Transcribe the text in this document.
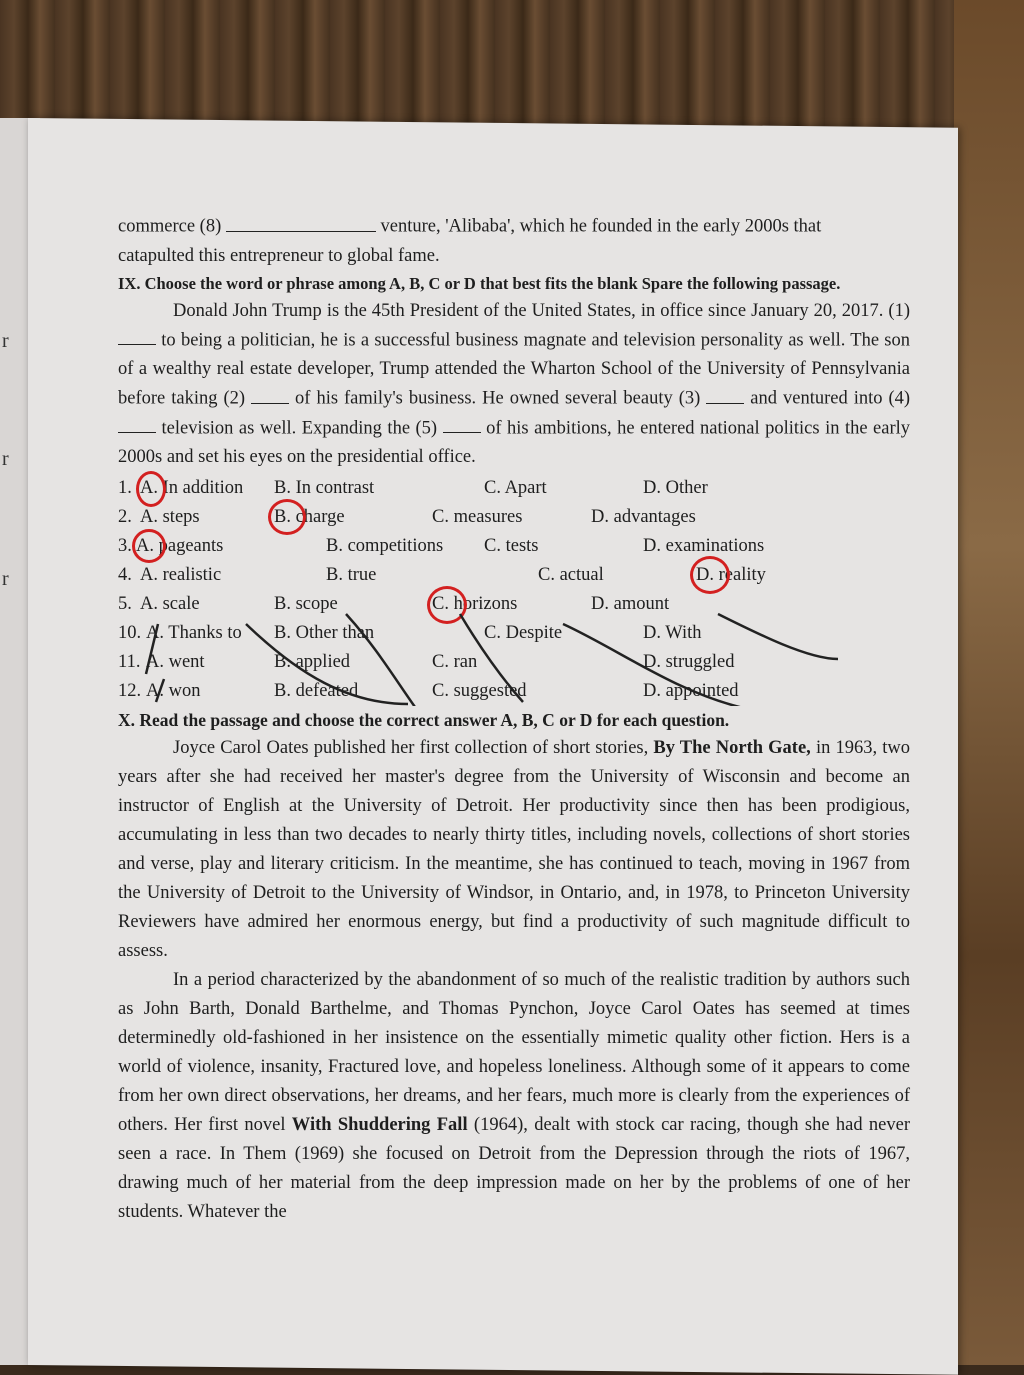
r
r
r

commerce (8)	venture, 'Alibaba', which he founded in the early 2000s that

catapulted this entrepreneur to global fame.

IX. Choose the word or phrase among A, B, C or D that best fits the blank Spare the following passage.

Donald John Trump is the 45th President of the United States, in office since January 20, 2017. (1)  to being a politician, he is a successful business magnate and television personality as well. The son of a wealthy real estate developer, Trump attended the Wharton School of the University of Pennsylvania before taking (2)	of his family's business. He owned several beauty (3)	and ventured into (4)  television as well. Expanding the (5)	of his ambitions, he entered national politics in the early 2000s and set his eyes on the presidential office.

1. A. In addition B. In contrast	C. Apart	D. Other
2. A. steps	B. charge	C. measures	D. advantages
3. A. pageants	B. competitions C. tests	D. examinations
4. A. realistic	B. true	C. actual	D. reality
5. A. scale	B. scope	C. horizons	D. amount
10. A. Thanks to B. Other than	C. Despite	D. With
11. A. went	B. applied	C. ran	D. struggled
12. A. won	B. defeated	C. suggested	D. appointed

X. Read the passage and choose the correct answer A, B, C or D for each question.

Joyce Carol Oates published her first collection of short stories, By The North Gate, in 1963, two years after she had received her master's degree from the University of Wisconsin and become an instructor of English at the University of Detroit. Her productivity since then has been prodigious, accumulating in less than two decades to nearly thirty titles, including novels, collections of short stories and verse, play and literary criticism. In the meantime, she has continued to teach, moving in 1967 from the University of Detroit to the University of Windsor, in Ontario, and, in 1978, to Princeton University Reviewers have admired her enormous energy, but find a productivity of such magnitude difficult to assess.

In a period characterized by the abandonment of so much of the realistic tradition by authors such as John Barth, Donald Barthelme, and Thomas Pynchon, Joyce Carol Oates has seemed at times determinedly old-fashioned in her insistence on the essentially mimetic quality other fiction. Hers is a world of violence, insanity, Fractured love, and hopeless loneliness. Although some of it appears to come from her own direct observations, her dreams, and her fears, much more is clearly from the experiences of others. Her first novel With Shuddering Fall (1964), dealt with stock car racing, though she had never seen a race. In Them (1969) she focused on Detroit from the Depression through the riots of 1967, drawing much of her material from the deep impression made on her by the problems of one of her students. Whatever the
